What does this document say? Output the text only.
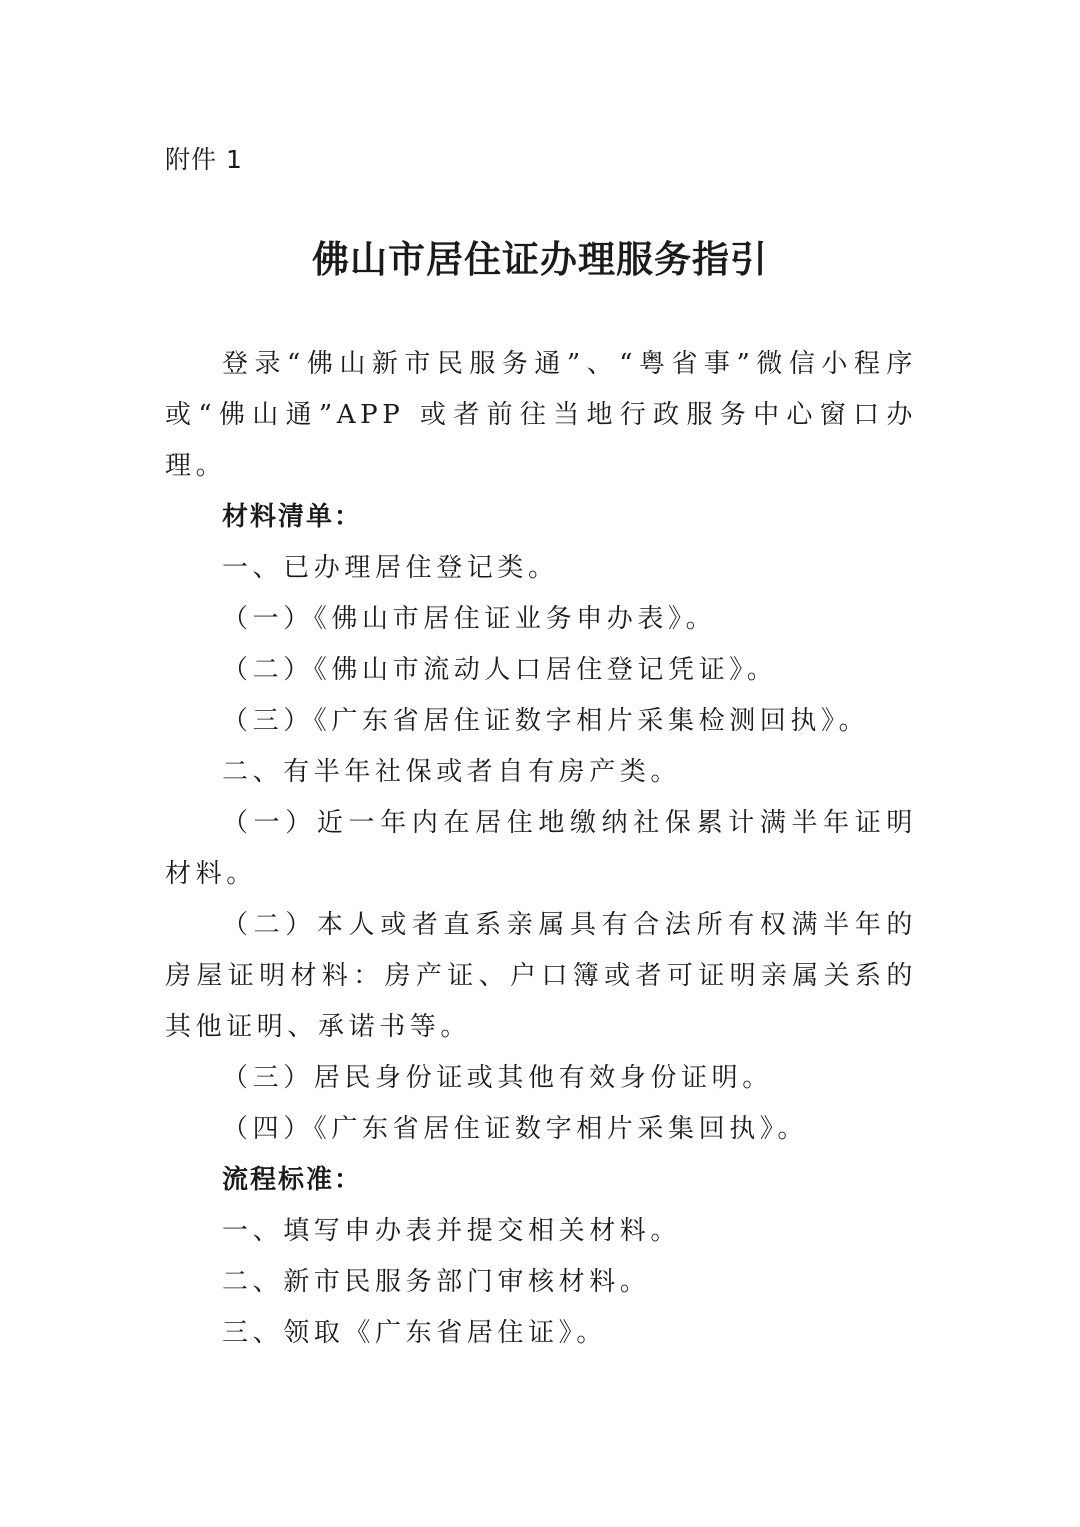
附件 1
佛山市居住证办理服务指引

登录“佛山新市民服务通”、“粤省事”微信小程序或“佛山通”APP 或者前往当地行政服务中心窗口办理。

材料清单：

一、已办理居住登记类。

（一）《佛山市居住证业务申办表》。

（二）《佛山市流动人口居住登记凭证》。

（三）《广东省居住证数字相片采集检测回执》。

二、有半年社保或者自有房产类。

（一）近一年内在居住地缴纳社保累计满半年证明材料。

（二）本人或者直系亲属具有合法所有权满半年的房屋证明材料：房产证、户口簿或者可证明亲属关系的其他证明、承诺书等。

（三）居民身份证或其他有效身份证明。

（四）《广东省居住证数字相片采集回执》。

流程标准：

一、填写申办表并提交相关材料。

二、新市民服务部门审核材料。

三、领取《广东省居住证》。
